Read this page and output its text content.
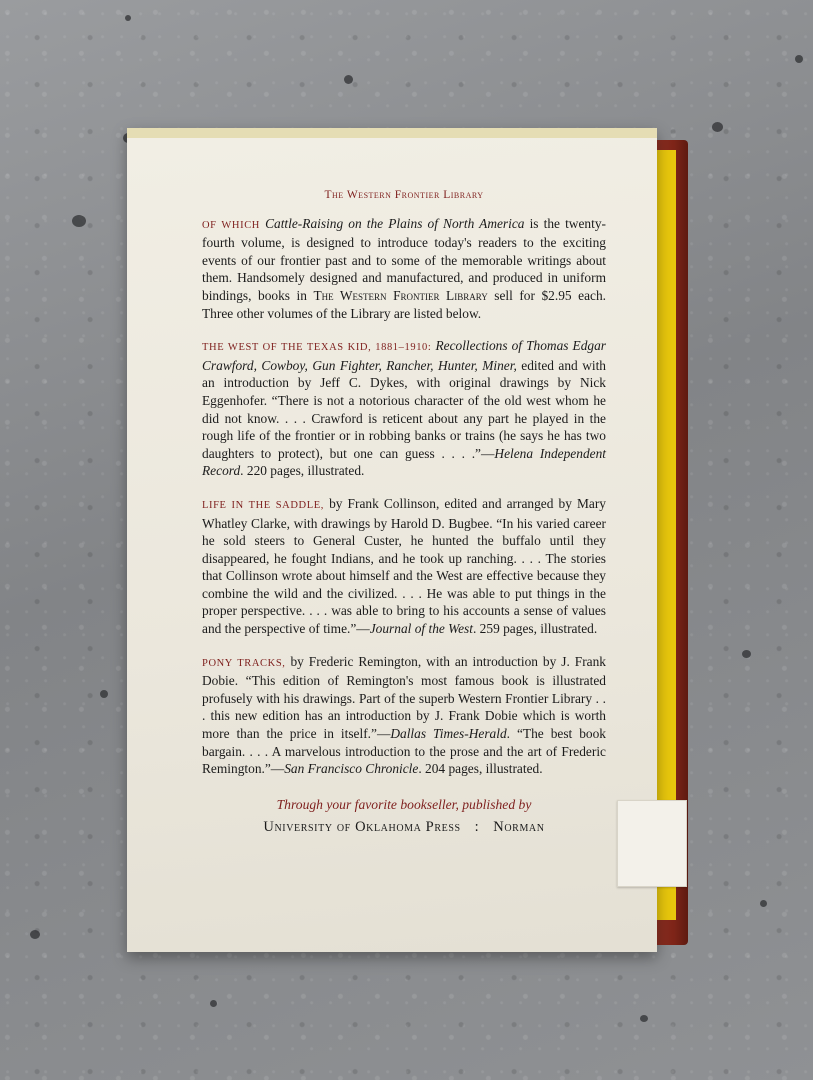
The Western Frontier Library

OF WHICH Cattle-Raising on the Plains of North America is the twenty-fourth volume, is designed to introduce today's readers to the exciting events of our frontier past and to some of the memorable writings about them. Handsomely designed and manufactured, and produced in uniform bindings, books in The Western Frontier Library sell for $2.95 each. Three other volumes of the Library are listed below.

THE WEST OF THE TEXAS KID, 1881–1910: Recollections of Thomas Edgar Crawford, Cowboy, Gun Fighter, Rancher, Hunter, Miner, edited and with an introduction by Jeff C. Dykes, with original drawings by Nick Eggenhofer. “There is not a notorious character of the old west whom he did not know. . . . Crawford is reticent about any part he played in the rough life of the frontier or in robbing banks or trains (he says he has two daughters to protect), but one can guess . . . .”—Helena Independent Record. 220 pages, illustrated.

LIFE IN THE SADDLE, by Frank Collinson, edited and arranged by Mary Whatley Clarke, with drawings by Harold D. Bugbee. “In his varied career he sold steers to General Custer, he hunted the buffalo until they disappeared, he fought Indians, and he took up ranching. . . . The stories that Collinson wrote about himself and the West are effective because they combine the wild and the civilized. . . . He was able to put things in the proper perspective. . . . was able to bring to his accounts a sense of values and the perspective of time.”—Journal of the West. 259 pages, illustrated.

PONY TRACKS, by Frederic Remington, with an introduction by J. Frank Dobie. “This edition of Remington's most famous book is illustrated profusely with his drawings. Part of the superb Western Frontier Library . . . this new edition has an introduction by J. Frank Dobie which is worth more than the price in itself.”—Dallas Times-Herald. “The best book bargain. . . . A marvelous introduction to the prose and the art of Frederic Remington.”—San Francisco Chronicle. 204 pages, illustrated.

Through your favorite bookseller, published by
University of Oklahoma Press : Norman
